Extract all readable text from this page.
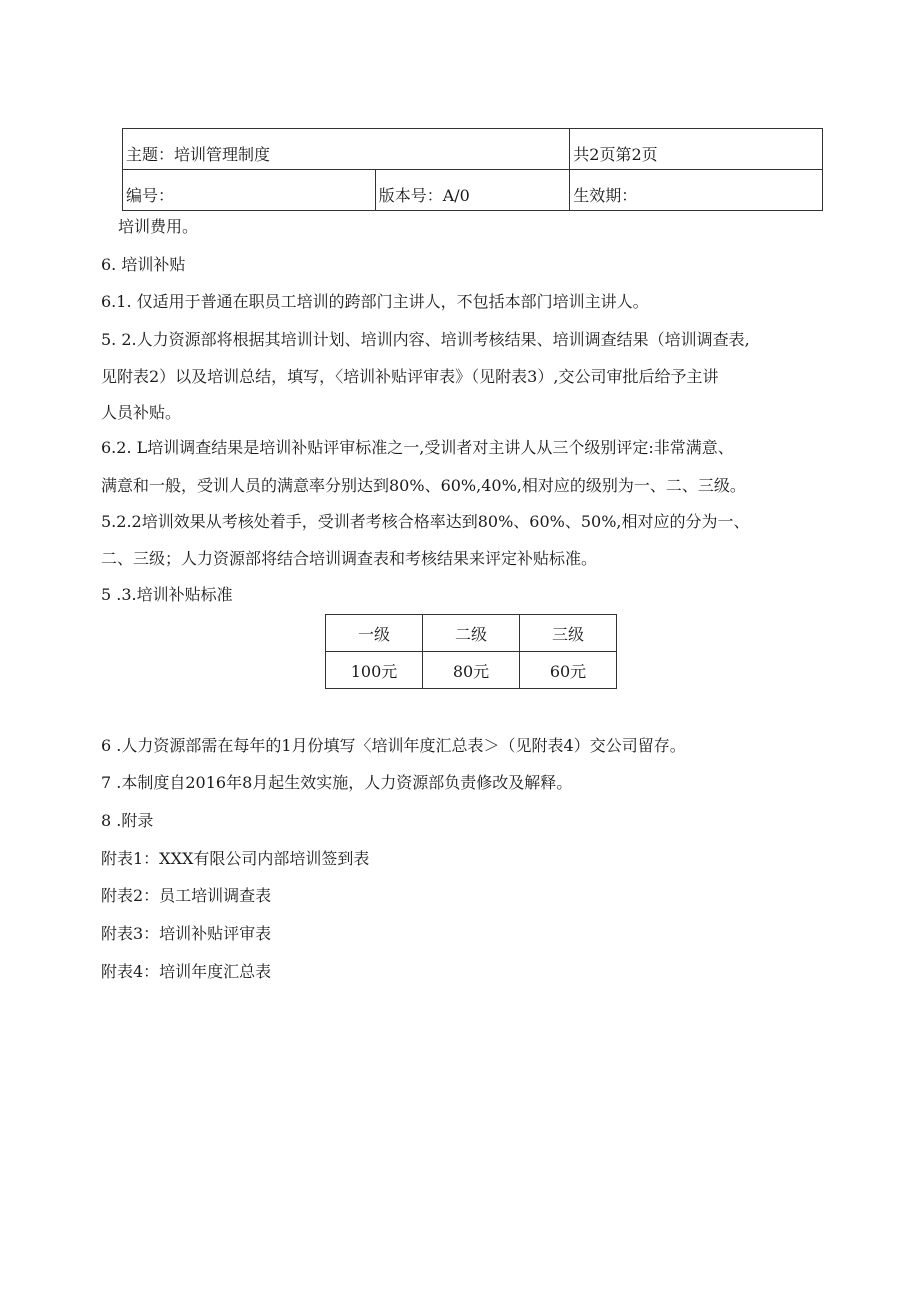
主题：培训管理制度		共2页第2页
编号：	版本号：A/0	生效期：
培训费用。
6. 培训补贴
6.1. 仅适用于普通在职员工培训的跨部门主讲人，不包括本部门培训主讲人。
5. 2.人力资源部将根据其培训计划、培训内容、培训考核结果、培训调查结果（培训调查表,
见附表2）以及培训总结，填写，〈培训补贴评审表》（见附表3）,交公司审批后给予主讲
人员补贴。
6.2. L培训调查结果是培训补贴评审标准之一,受训者对主讲人从三个级别评定:非常满意、
满意和一般，受训人员的满意率分别达到80%、60%,40%,相对应的级别为一、二、三级。
5.2.2培训效果从考核处着手，受训者考核合格率达到80%、60%、50%,相对应的分为一、
二、三级；人力资源部将结合培训调查表和考核结果来评定补贴标准。
5 .3.培训补贴标准
一级	二级	三级
100元	80元	60元
6 .人力资源部需在每年的1月份填写〈培训年度汇总表＞（见附表4）交公司留存。
7 .本制度自2016年8月起生效实施，人力资源部负责修改及解释。
8 .附录
附表1：XXX有限公司内部培训签到表
附表2：员工培训调查表
附表3：培训补贴评审表
附表4：培训年度汇总表
